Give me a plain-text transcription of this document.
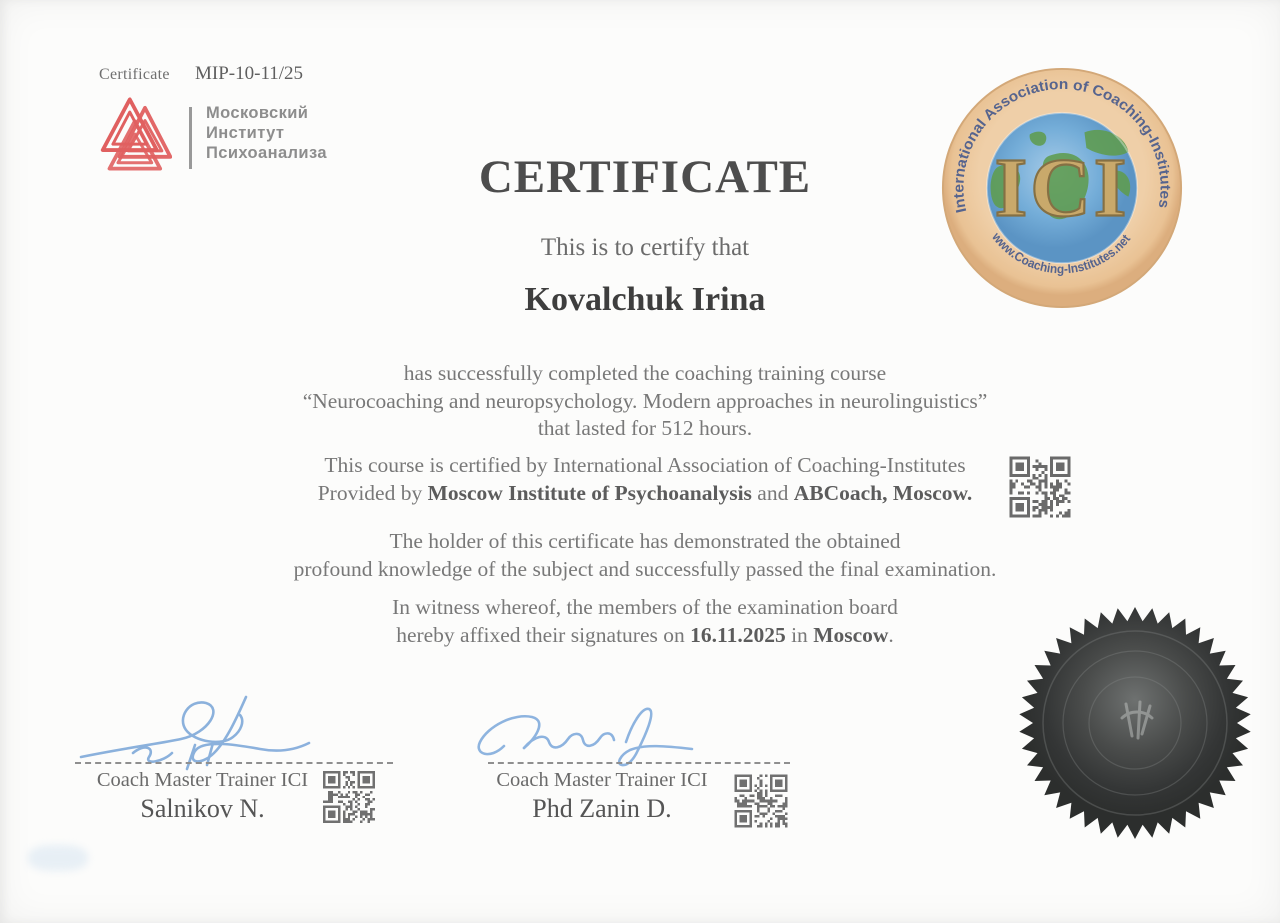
Certificate MIP-10-11/25
Московский
Институт
Психоанализа	ICI
International Association of Coaching-Institutes
www.Coaching-Institutes.net
CERTIFICATE
This is to certify that
Kovalchuk Irina
has successfully completed the coaching training course
“Neurocoaching and neuropsychology. Modern approaches in neurolinguistics”
that lasted for 512 hours.
This course is certified by International Association of Coaching-Institutes
Provided by Moscow Institute of Psychoanalysis and ABCoach, Moscow.
The holder of this certificate has demonstrated the obtained
profound knowledge of the subject and successfully passed the final examination.
In witness whereof, the members of the examination board
hereby affixed their signatures on 16.11.2025 in Moscow.
Coach Master Trainer ICI
Salnikov N.
Coach Master Trainer ICI
Phd Zanin D.
